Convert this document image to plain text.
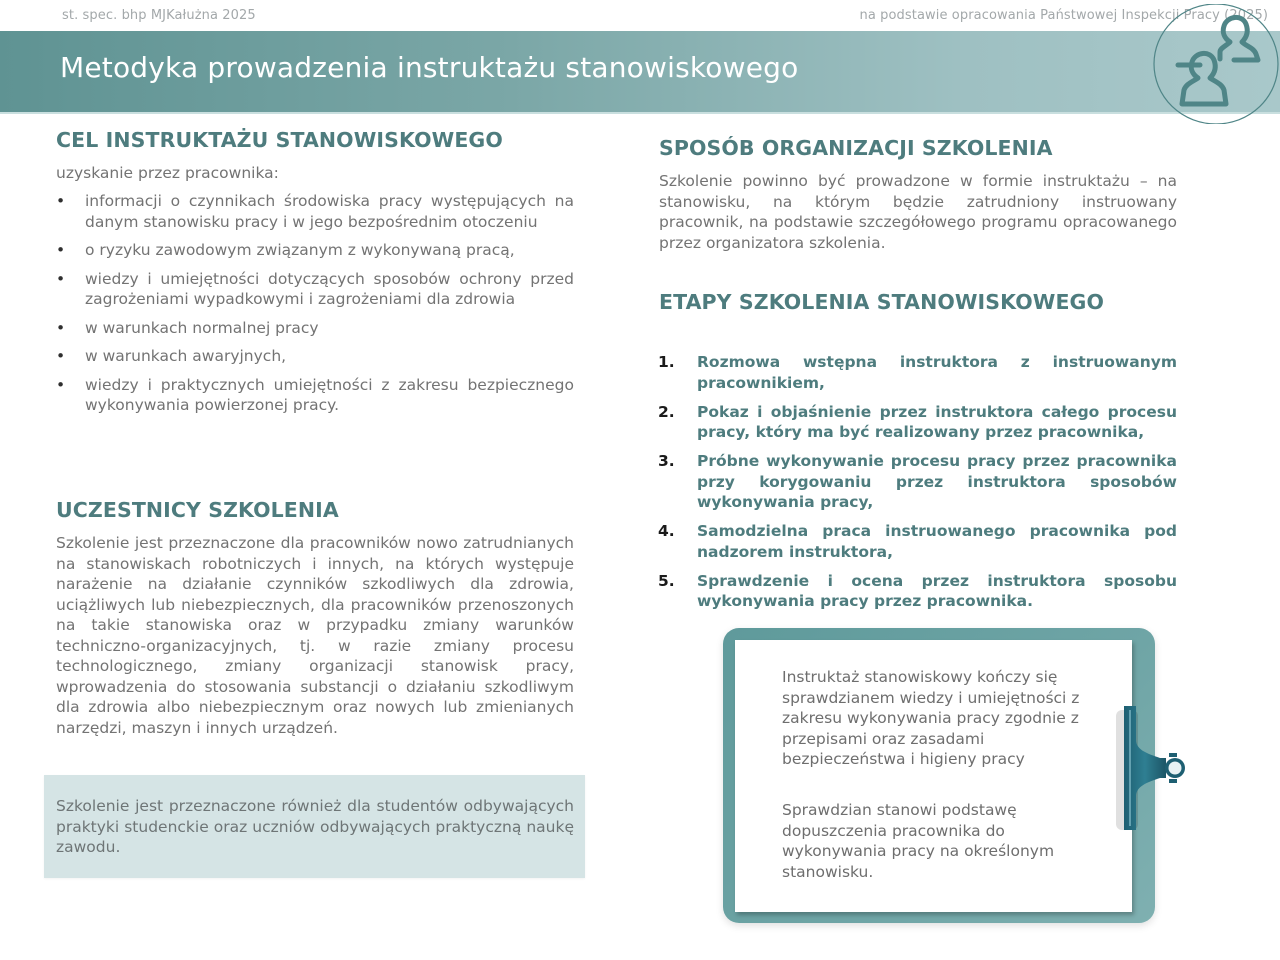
st. spec. bhp MJKałużna 2025	na podstawie opracowania Państwowej Inspekcji Pracy (2025)
Metodyka prowadzenia instruktażu stanowiskowego
CEL INSTRUKTAŻU STANOWISKOWEGO

uzyskanie przez pracownika:

• informacji o czynnikach środowiska pracy występujących na danym stanowisku pracy i w jego bezpośrednim otoczeniu
• o ryzyku zawodowym związanym z wykonywaną pracą,
• wiedzy i umiejętności dotyczących sposobów ochrony przed zagrożeniami wypadkowymi i zagrożeniami dla zdrowia
• w warunkach normalnej pracy
• w warunkach awaryjnych,
• wiedzy i praktycznych umiejętności z zakresu bezpiecznego wykonywania powierzonej pracy.
UCZESTNICY SZKOLENIA

Szkolenie jest przeznaczone dla pracowników nowo zatrudnianych na stanowiskach robotniczych i innych, na których występuje narażenie na działanie czynników szkodliwych dla zdrowia, uciążliwych lub niebezpiecznych, dla pracowników przenoszonych na takie stanowiska oraz w przypadku zmiany warunków techniczno-organizacyjnych, tj. w razie zmiany procesu technologicznego, zmiany organizacji stanowisk pracy, wprowadzenia do stosowania substancji o działaniu szkodliwym dla zdrowia albo niebezpiecznym oraz nowych lub zmienianych narzędzi, maszyn i innych urządzeń.

Szkolenie jest przeznaczone również dla studentów odbywających praktyki studenckie oraz uczniów odbywających praktyczną naukę zawodu.

SPOSÓB ORGANIZACJI SZKOLENIA

Szkolenie powinno być prowadzone w formie instruktażu – na stanowisku, na którym będzie zatrudniony instruowany pracownik, na podstawie szczegółowego programu opracowanego przez organizatora szkolenia.

ETAPY SZKOLENIA STANOWISKOWEGO
1. Rozmowa wstępna instruktora z instruowanym pracownikiem,
2. Pokaz i objaśnienie przez instruktora całego procesu pracy, który ma być realizowany przez pracownika,
3. Próbne wykonywanie procesu pracy przez pracownika przy korygowaniu przez instruktora sposobów wykonywania pracy,
4. Samodzielna praca instruowanego pracownika pod nadzorem instruktora,
5. Sprawdzenie i ocena przez instruktora sposobu wykonywania pracy przez pracownika.

Instruktaż stanowiskowy kończy się sprawdzianem wiedzy i umiejętności z zakresu wykonywania pracy zgodnie z przepisami oraz zasadami bezpieczeństwa i higieny pracy

Sprawdzian stanowi podstawę dopuszczenia pracownika do wykonywania pracy na określonym stanowisku.
